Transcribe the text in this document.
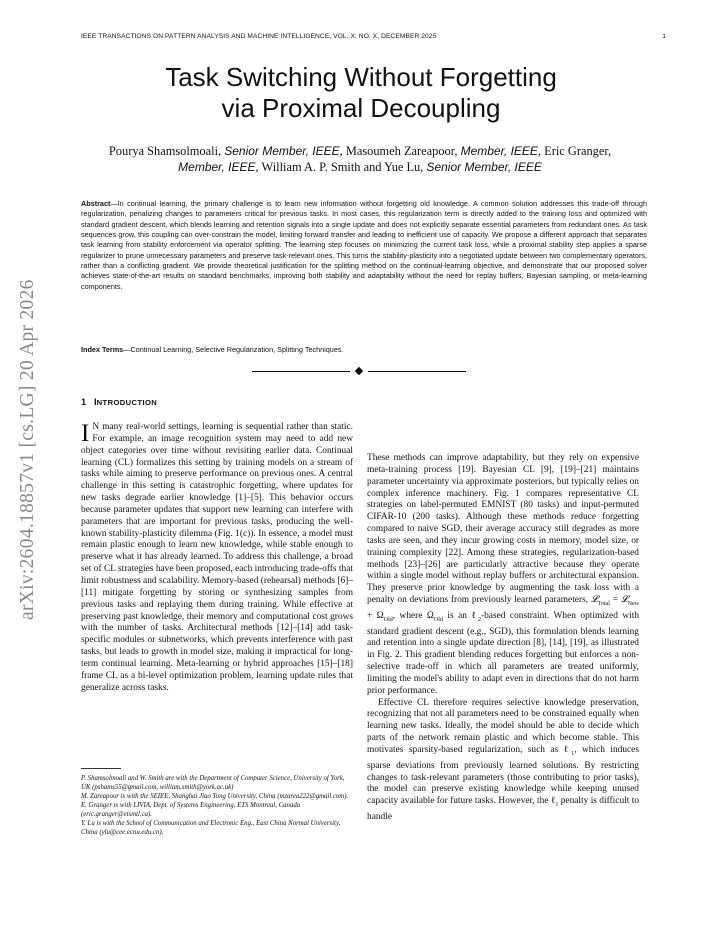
IEEE TRANSACTIONS ON PATTERN ANALYSIS AND MACHINE INTELLIGENCE, VOL. X, NO. X, DECEMBER 2025	1
Task Switching Without Forgetting
via Proximal Decoupling
Pourya Shamsolmoali, Senior Member, IEEE, Masoumeh Zareapoor, Member, IEEE, Eric Granger, Member, IEEE, William A. P. Smith and Yue Lu, Senior Member, IEEE
Abstract—In continual learning, the primary challenge is to learn new information without forgetting old knowledge. A common solution addresses this trade-off through regularization, penalizing changes to parameters critical for previous tasks. In most cases, this regularization term is directly added to the training loss and optimized with standard gradient descent, which blends learning and retention signals into a single update and does not explicitly separate essential parameters from redundant ones. As task sequences grow, this coupling can over-constrain the model, limiting forward transfer and leading to inefficient use of capacity. We propose a different approach that separates task learning from stability enforcement via operator splitting. The learning step focuses on minimizing the current task loss, while a proximal stability step applies a sparse regularizer to prune unnecessary parameters and preserve task-relevant ones. This turns the stability-plasticity into a negotiated update between two complementary operators, rather than a conflicting gradient. We provide theoretical justification for the splitting method on the continual-learning objective, and demonstrate that our proposed solver achieves state-of-the-art results on standard benchmarks, improving both stability and adaptability without the need for replay buffers, Bayesian sampling, or meta-learning components.
Index Terms—Continual Learning, Selective Regularization, Splitting Techniques.
arXiv:2604.18857v1 [cs.LG] 20 Apr 2026	1 INTRODUCTION

I N many real-world settings, learning is sequential rather than static. For example, an image recognition system may need to add new object categories over time without revisiting earlier data. Continual learning (CL) formalizes this setting by training models on a stream of tasks while aiming to preserve performance on previous ones. A central challenge in this setting is catastrophic forgetting, where updates for new tasks degrade earlier knowledge [1]–[5]. This behavior occurs because parameter updates that support new learning can interfere with parameters that are important for previous tasks, producing the well-known stability-plasticity dilemma (Fig. 1(c)). In essence, a model must remain plastic enough to learn new knowledge, while stable enough to preserve what it has already learned. To address this challenge, a broad set of CL strategies have been proposed, each introducing trade-offs that limit robustness and scalability. Memory-based (rehearsal) methods [6]–[11] mitigate forgetting by storing or synthesizing samples from previous tasks and replaying them during training. While effective at preserving past knowledge, their memory and computational cost grows with the number of tasks. Architectural methods [12]–[14] add task-specific modules or subnetworks, which prevents interference with past tasks, but leads to growth in model size, making it impractical for long-term continual learning. Meta-learning or hybrid approaches [15]–[18] frame CL as a bi-level optimization problem, learning update rules that generalize across tasks.

These methods can improve adaptability, but they rely on expensive meta-training process [19]. Bayesian CL [9], [19]–[21] maintains parameter uncertainty via approximate posteriors, but typically relies on complex inference machinery. Fig. 1 compares representative CL strategies on label-permuted EMNIST (80 tasks) and input-permuted CIFAR-10 (200 tasks). Although these methods reduce forgetting compared to naive SGD, their average accuracy still degrades as more tasks are seen, and they incur growing costs in memory, model size, or training complexity [22]. Among these strategies, regularization-based methods [23]–[26] are particularly attractive because they operate within a single model without replay buffers or architectural expansion. They preserve prior knowledge by augmenting the task loss with a penalty on deviations from previously learned parameters, 𝓛$_{Total}$ = 𝓛$_{New}$ + $\Omega_{Old}$, where $\Omega_{Old}$ is an ℓ$_2$-based constraint. When optimized with standard gradient descent (e.g., SGD), this formulation blends learning and retention into a single update direction [8], [14], [19], as illustrated in Fig. 2. This gradient blending reduces forgetting but enforces a non-selective trade-off in which all parameters are treated uniformly, limiting the model's ability to adapt even in directions that do not harm prior performance.

Effective CL therefore requires selective knowledge preservation, recognizing that not all parameters need to be constrained equally when learning new tasks. Ideally, the model should be able to decide which parts of the network remain plastic and which become stable. This motivates sparsity-based regularization, such as ℓ$_1$, which induces sparse deviations from previously learned solutions. By restricting changes to task-relevant parameters (those contributing to prior tasks), the model can preserve existing knowledge while keeping unused capacity available for future tasks. However, the ℓ$_1$ penalty is difficult to handle

P. Shamsolmoali and W. Smith are with the Department of Computer Science, University of York, UK (pshams55@gmail.com, william.smith@york.ac.uk)

M. Zareapoor is with the SEIEE, Shanghai Jiao Tong University, China (mzarea222@gmail.com).

E. Granger is with LIVIA, Dept. of Systems Engineering, ETS Montreal, Canada (eric.granger@etsmtl.ca).

Y. Lu is with the School of Communication and Electronic Eng., East China Normal University, China (ylu@cee.ecnu.edu.cn).
